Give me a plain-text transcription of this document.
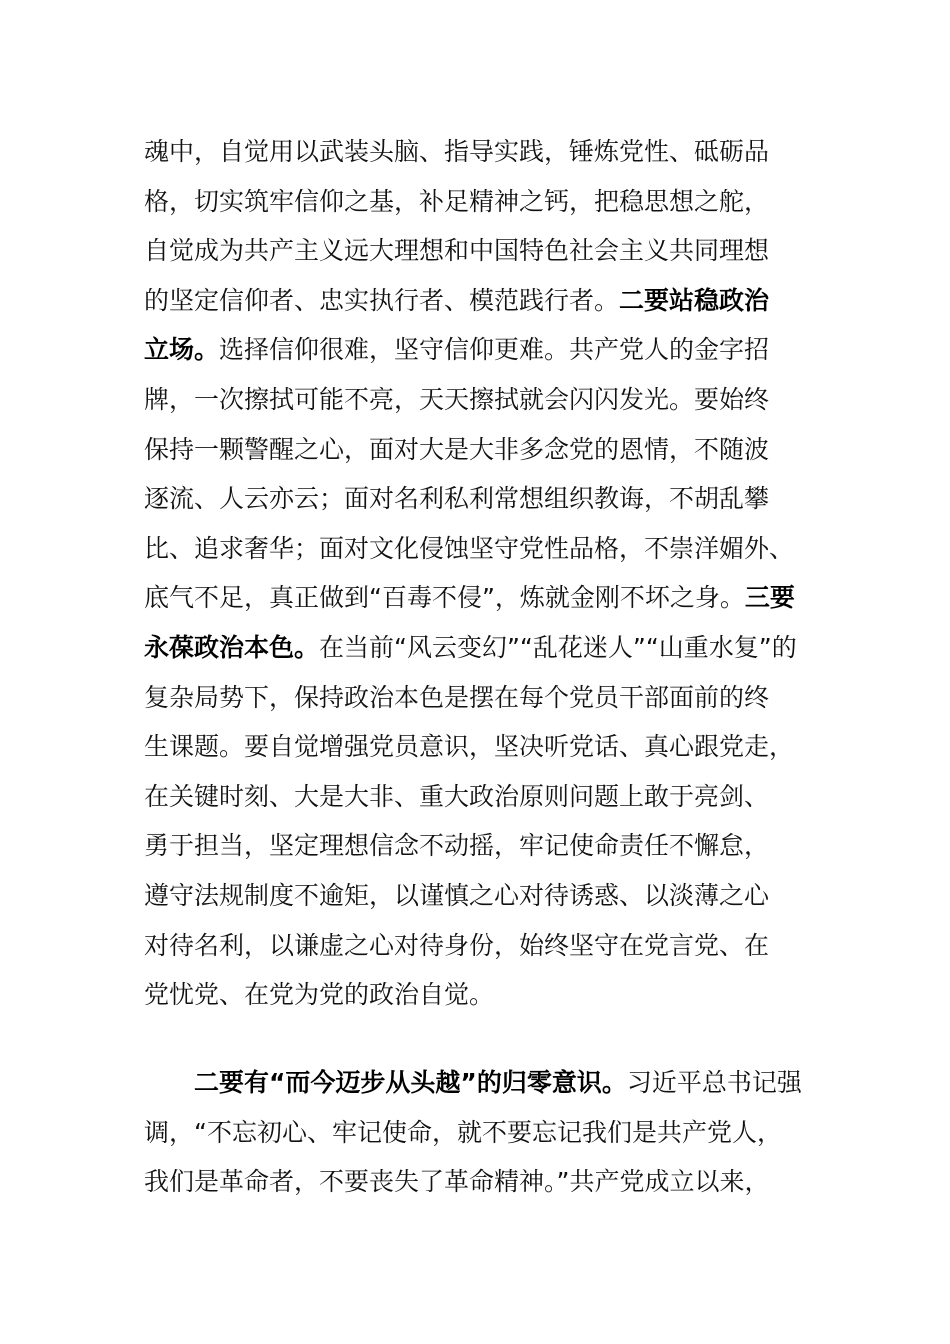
魂中，自觉用以武装头脑、指导实践，锤炼党性、砥砺品
格，切实筑牢信仰之基，补足精神之钙，把稳思想之舵，
自觉成为共产主义远大理想和中国特色社会主义共同理想
的坚定信仰者、忠实执行者、模范践行者。二要站稳政治
立场。选择信仰很难，坚守信仰更难。共产党人的金字招
牌，一次擦拭可能不亮，天天擦拭就会闪闪发光。要始终
保持一颗警醒之心，面对大是大非多念党的恩情，不随波
逐流、人云亦云；面对名利私利常想组织教诲，不胡乱攀
比、追求奢华；面对文化侵蚀坚守党性品格，不崇洋媚外、
底气不足，真正做到“百毒不侵”，炼就金刚不坏之身。三要
永葆政治本色。在当前“风云变幻”“乱花迷人”“山重水复”的
复杂局势下，保持政治本色是摆在每个党员干部面前的终
生课题。要自觉增强党员意识，坚决听党话、真心跟党走，
在关键时刻、大是大非、重大政治原则问题上敢于亮剑、
勇于担当，坚定理想信念不动摇，牢记使命责任不懈怠，
遵守法规制度不逾矩，以谨慎之心对待诱惑、以淡薄之心
对待名利，以谦虚之心对待身份，始终坚守在党言党、在
党忧党、在党为党的政治自觉。
二要有“而今迈步从头越”的归零意识。习近平总书记强
调，“不忘初心、牢记使命，就不要忘记我们是共产党人，
我们是革命者，不要丧失了革命精神。”共产党成立以来，
